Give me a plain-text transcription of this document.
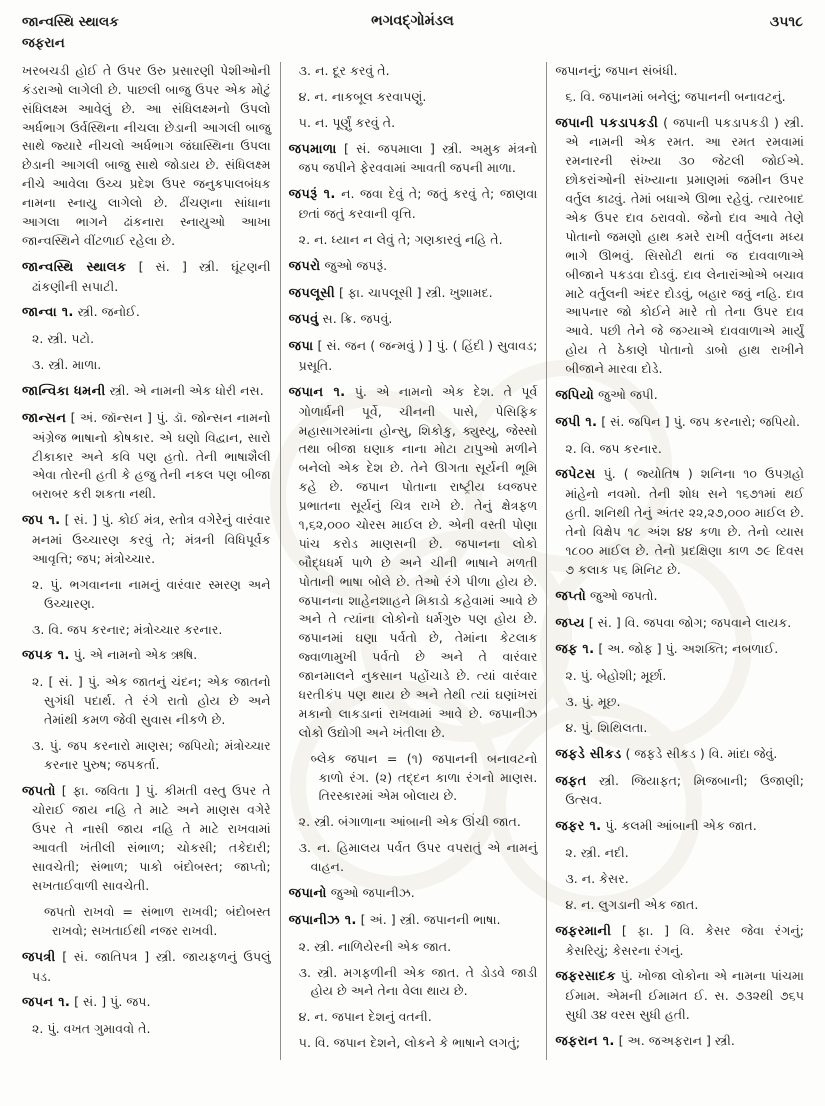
જાન્વસ્થિ સ્થાલક
જફરાન
ભગવદ્ગોમંડલ	૩૫૧૮

ખરબચડી હોઈ તે ઉપર ઉરુ પ્રસારણી પેશીઓની કંડરાઓ લાગેલી છે. પાછલી બાજુ ઉપર એક મોટું સંધિલક્ષ્મ આવેલું છે. આ સંધિલક્ષ્મનો ઉપલો અર્ધભાગ ઉર્વસ્થિના નીચલા છેડાની આગલી બાજુ સાથે જ્યારે નીચલો અર્ધભાગ જંઘાસ્થિના ઉપલા છેડાની આગલી બાજુ સાથે જોડાય છે. સંધિલક્ષ્મ નીચે આવેલા ઉચ્ચ પ્રદેશ ઉપર જનુકપાલબંધક નામના સ્નાયુ લાગેલો છે. ઢીંચણના સાંધાના આગલા ભાગને ઢાંકનારા સ્નાયુઓ આખા જાન્વસ્થિને વીંટળાઈ રહેલા છે.

જાન્વસ્થિ સ્થાલક [ સં. ] સ્ત્રી. ઘૂંટણની ઢાંકણીની સપાટી.

જાન્વા ૧. સ્ત્રી. જનોઈ.

૨. સ્ત્રી. પટો.

૩. સ્ત્રી. માળા.

જાન્વિકા ધમની સ્ત્રી. એ નામની એક ધોરી નસ.

જાન્સન [ અં. જૉન્સન ] પું. ડૉ. જોન્સન નામનો અંગ્રેજ ભાષાનો કોષકાર. એ ઘણો વિદ્વાન, સારો ટીકાકાર અને કવિ પણ હતો. તેની ભાષાશૈલી એવા તોરની હતી કે હજુ તેની નકલ પણ બીજા બરાબર કરી શકતા નથી.

જપ ૧. [ સં. ] પું. કોઈ મંત્ર, સ્તોત્ર વગેરેનું વારંવાર મનમાં ઉચ્ચારણ કરવું તે; મંત્રની વિધિપૂર્વક આવૃત્તિ; જપ; મંત્રોચ્ચાર.

૨. પું. ભગવાનના નામનું વારંવાર સ્મરણ અને ઉચ્ચારણ.

૩. વિ. જપ કરનાર; મંત્રોચ્ચાર કરનાર.

જપક ૧. પું. એ નામનો એક ઋષિ.

૨. [ સં. ] પું. એક જાતનું ચંદન; એક જાતનો સુગંધી પદાર્થ. તે રંગે રાતો હોય છે અને તેમાંથી કમળ જેવી સુવાસ નીકળે છે.

૩. પું. જપ કરનારો માણસ; જપિયો; મંત્રોચ્ચાર કરનાર પુરુષ; જપકર્તા.

જપતો [ ફા. જવિતા ] પું. કીમતી વસ્તુ ઉપર તે ચોરાઈ જાય નહિ તે માટે અને માણસ વગેરે ઉપર તે નાસી જાય નહિ તે માટે રાખવામાં આવતી ખંતીલી સંભાળ; ચોકસી; તકેદારી; સાવચેતી; સંભાળ; પાકો બંદોબસ્ત; જાપ્તો; સખતાઈવાળી સાવચેતી.

જપતો રાખવો = સંભાળ રાખવી; બંદોબસ્ત રાખવો; સખતાઈથી નજર રાખવી.

જપત્રી [ સં. જાતિપત્ર ] સ્ત્રી. જાયફળનું ઉપલું પડ.

જપન ૧. [ સં. ] પું. જપ.

૨. પું. વખત ગુમાવવો તે.

૩. ન. દૂર કરવું તે.

૪. ન. નાકબૂલ કરવાપણું.

૫. ન. પૂર્ણું કરવું તે.

જપમાળા [ સં. જપમાલા ] સ્ત્રી. અમુક મંત્રનો જપ જપીને ફેરવવામાં આવતી જપની માળા.

જપરૂં ૧. ન. જવા દેવું તે; જતું કરવું તે; જાણવા છતાં જતું કરવાની વૃત્તિ.

૨. ન. ધ્યાન ન લેવું તે; ગણકારવું નહિ તે.

જપરો જુઓ જપરૂં.

જપલૂસી [ ફા. ચાપલૂસી ] સ્ત્રી. ખુશામદ.

જપવું સ. ક્રિ. જપવું.

જપા [ સં. જન ( જન્મવું ) ] પું. ( હિંદી ) સુવાવડ; પ્રસૂતિ.

જપાન ૧. પું. એ નામનો એક દેશ. તે પૂર્વ ગોળાર્ધની પૂર્વે, ચીનની પાસે, પેસિફિક મહાસાગરમાંના હોન્સુ, શિકોકુ, ક્યુસ્યુ, જેસ્સો તથા બીજા ઘણાક નાના મોટા ટાપુઓ મળીને બનેલો એક દેશ છે. તેને ઊગતા સૂર્યની ભૂમિ કહે છે. જપાન પોતાના રાષ્ટ્રીય ધ્વજપર પ્રભાતના સૂર્યનું ચિત્ર રાખે છે. તેનું ક્ષેત્રફળ ૧,૬૨,૦૦૦ ચોરસ માઈલ છે. એની વસ્તી પોણા પાંચ કરોડ માણસની છે. જપાનના લોકો બૌદ્ધધર્મ પાળે છે અને ચીની ભાષાને મળતી પોતાની ભાષા બોલે છે. તેઓ રંગે પીળા હોય છે. જપાનના શાહેનશાહને મિકાડો કહેવામાં આવે છે અને તે ત્યાંના લોકોનો ધર્મગુરુ પણ હોય છે. જપાનમાં ઘણા પર્વતો છે, તેમાંના કેટલાક જ્વાળામુખી પર્વતો છે અને તે વારંવાર જાનમાલને નુકસાન પહોંચાડે છે. ત્યાં વારંવાર ધરતીકંપ પણ થાય છે અને તેથી ત્યાં ઘણાંખરાં મકાનો લાકડાનાં રાખવામાં આવે છે. જપાનીઝ લોકો ઉદ્યોગી અને ખંતીલા છે.

બ્લેક જપાન = (૧) જપાનની બનાવટનો કાળો રંગ. (૨) તદ્દન કાળા રંગનો માણસ. તિરસ્કારમાં એમ બોલાય છે.

૨. સ્ત્રી. બંગાળાના આંબાની એક ઊંચી જાત.

૩. ન. હિમાલય પર્વત ઉપર વપરાતું એ નામનું વાહન.

જપાનો જુઓ જપાનીઝ.

જપાનીઝ ૧. [ અં. ] સ્ત્રી. જપાનની ભાષા.

૨. સ્ત્રી. નાળિયેરની એક જાત.

૩. સ્ત્રી. મગફળીની એક જાત. તે ડોડવે જાડી હોય છે અને તેના વેલા થાય છે.

૪. ન. જપાન દેશનું વતની.

૫. વિ. જપાન દેશને, લોકને કે ભાષાને લગતું;

જપાનનું; જપાન સંબંધી.

૬. વિ. જપાનમાં બનેલું; જપાનની બનાવટનું.

જપાની પકડાપકડી ( જપાની પકડાપકડી ) સ્ત્રી. એ નામની એક રમત. આ રમત રમવામાં રમનારની સંખ્યા ૩૦ જેટલી જોઈએ. છોકરાંઓની સંખ્યાના પ્રમાણમાં જમીન ઉપર વર્તુલ કાઢવું. તેમાં બધાએ ઊભા રહેવું. ત્યારબાદ એક ઉપર દાવ ઠરાવવો. જેનો દાવ આવે તેણે પોતાનો જમણો હાથ કમરે રાખી વર્તુલના મધ્ય ભાગે ઊભવું. સિસોટી થતાં જ દાવવાળાએ બીજાને પકડવા દોડવું. દાવ લેનારાંઓએ બચાવ માટે વર્તુલની અંદર દોડવું, બહાર જવું નહિ. દાવ આપનાર જો કોઈને મારે તો તેના ઉપર દાવ આવે. પછી તેને જે જગ્યાએ દાવવાળાએ માર્યું હોય તે ઠેકાણે પોતાનો ડાબો હાથ રાખીને બીજાને મારવા દોડે.

જપિયો જુઓ જપી.

જપી ૧. [ સં. જપિન ] પું. જપ કરનારો; જપિયો.

૨. વિ. જપ કરનાર.

જપેટસ પું. ( જ્યોતિષ ) શનિના ૧૦ ઉપગ્રહો માંહેનો નવમો. તેની શોધ સને ૧૬૭૧માં થઈ હતી. શનિથી તેનું અંતર ૨૨,૨૭,૦૦૦ માઈલ છે. તેનો વિક્ષેપ ૧૮ અંશ ૪૪ કળા છે. તેનો વ્યાસ ૧૮૦૦ માઈલ છે. તેનો પ્રદક્ષિણા કાળ ૭૯ દિવસ ૭ કલાક ૫૬ મિનિટ છે.

જપ્તો જુઓ જપતો.

જપ્ય [ સં. ] વિ. જપવા જોગ; જપવાને લાયક.

જફ ૧. [ અ. જોફ ] પું. અશક્તિ; નબળાઈ.

૨. પું. બેહોશી; મૂર્છા.

૩. પું. મૂછ.

૪. પું. શિથિલતા.

જફડે સીકડ ( જફડે સીકડ ) વિ. માંદા જેવું.

જફત સ્ત્રી. જિયાફત; મિજબાની; ઉજાણી; ઉત્સવ.

જફર ૧. પું. કલમી આંબાની એક જાત.

૨. સ્ત્રી. નદી.

૩. ન. કેસર.

૪. ન. લુગડાની એક જાત.

જફરમાની [ ફા. ] વિ. કેસર જેવા રંગનું; કેસરિયું; કેસરના રંગનું.

જફરસાદક પું. ખોજા લોકોના એ નામના પાંચમા ઈમામ. એમની ઈમામત ઈ. સ. ૭૩૨થી ૭૬૫ સુધી ૩૪ વરસ સુધી હતી.

જફરાન ૧. [ અ. જઅફરાન ] સ્ત્રી.
